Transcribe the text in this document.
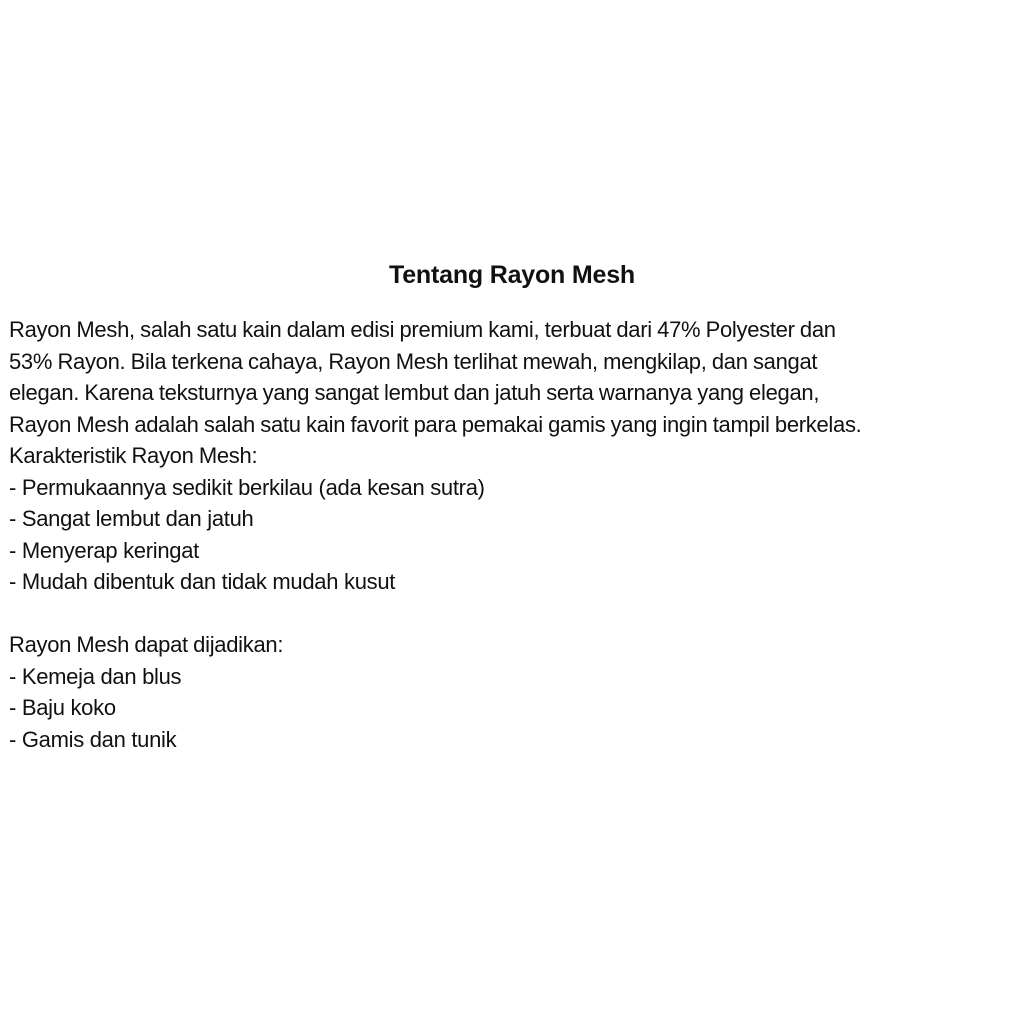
Tentang Rayon Mesh
Rayon Mesh, salah satu kain dalam edisi premium kami, terbuat dari 47% Polyester dan
53% Rayon. Bila terkena cahaya, Rayon Mesh terlihat mewah, mengkilap, dan sangat
elegan. Karena teksturnya yang sangat lembut dan jatuh serta warnanya yang elegan,
Rayon Mesh adalah salah satu kain favorit para pemakai gamis yang ingin tampil berkelas.
Karakteristik Rayon Mesh:
- Permukaannya sedikit berkilau (ada kesan sutra)
- Sangat lembut dan jatuh
- Menyerap keringat
- Mudah dibentuk dan tidak mudah kusut
Rayon Mesh dapat dijadikan:
- Kemeja dan blus
- Baju koko
- Gamis dan tunik
